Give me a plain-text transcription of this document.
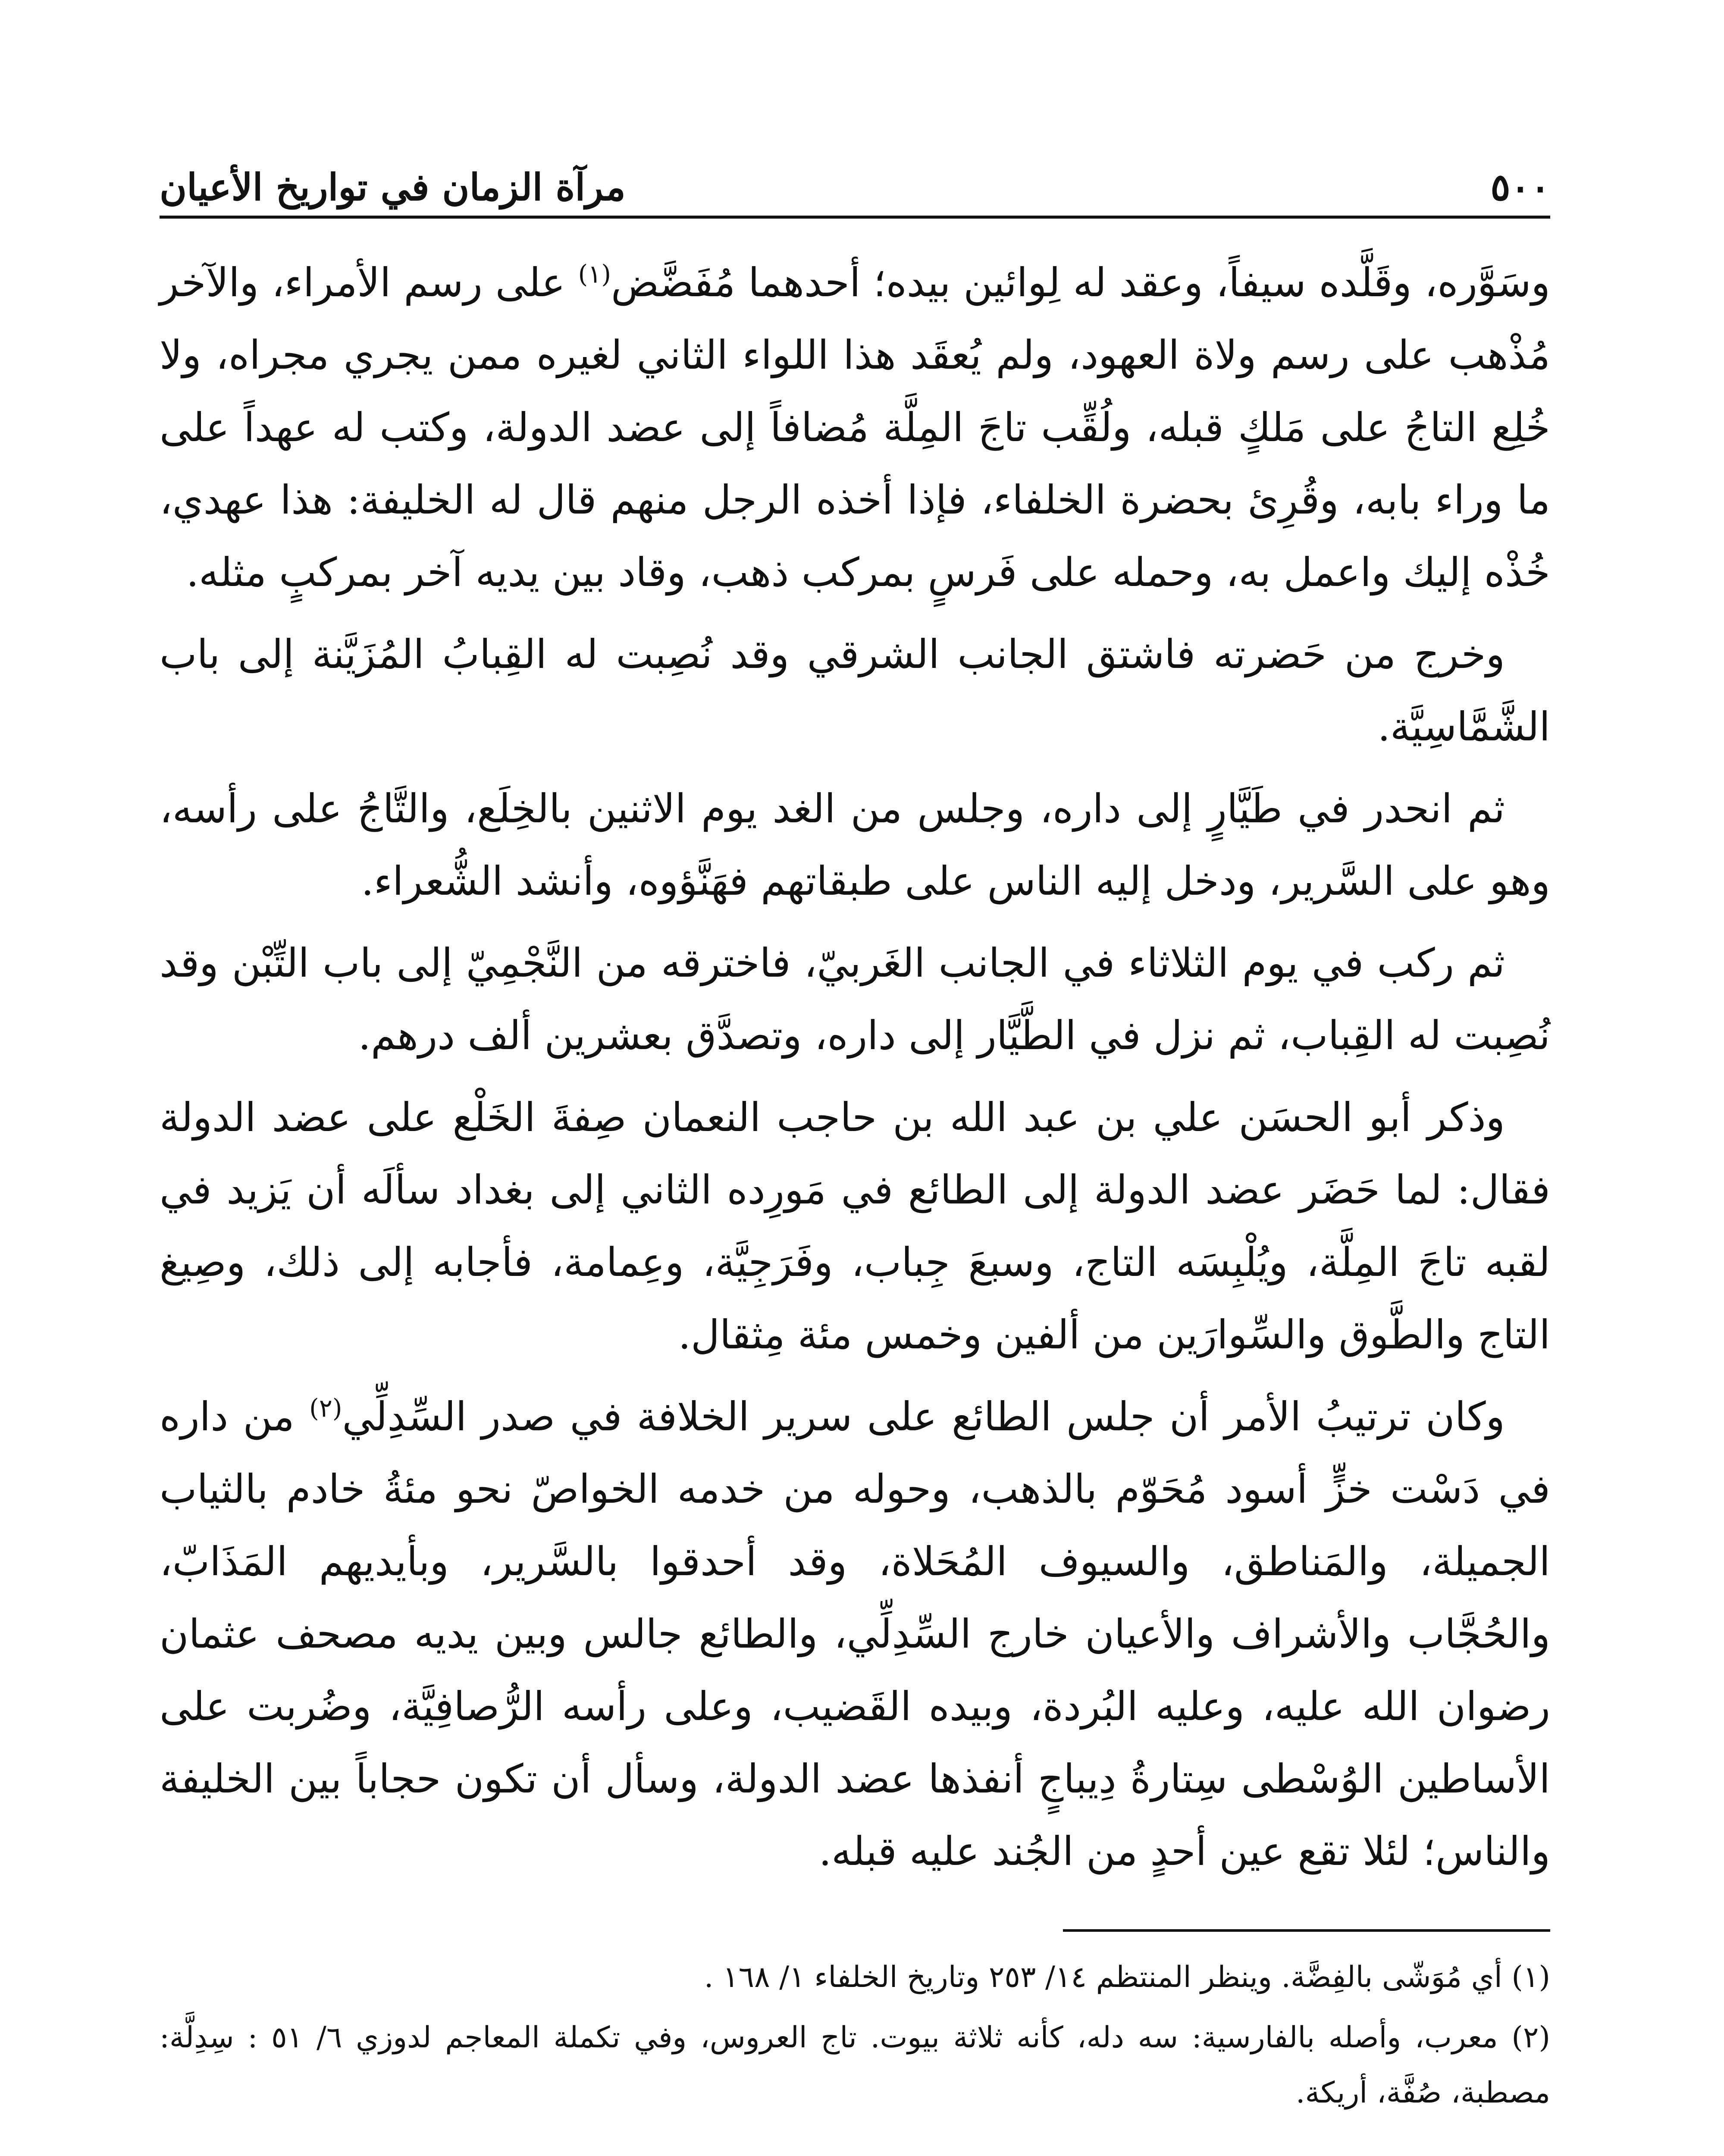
مرآة الزمان في تواريخ الأعيان	٥٠٠

وسَوَّره، وقَلَّده سيفاً، وعقد له لِوائين بيده؛ أحدهما مُفَضَّض$^{(١)}$ على رسم الأمراء، والآخر مُذْهب على رسم ولاة العهود، ولم يُعقَد هذا اللواء الثاني لغيره ممن يجري مجراه، ولا خُلِع التاجُ على مَلكٍ قبله، ولُقِّب تاجَ المِلَّة مُضافاً إلى عضد الدولة، وكتب له عهداً على ما وراء بابه، وقُرِئ بحضرة الخلفاء، فإذا أخذه الرجل منهم قال له الخليفة: هذا عهدي، خُذْه إليك واعمل به، وحمله على فَرسٍ بمركب ذهب، وقاد بين يديه آخر بمركبٍ مثله.

وخرج من حَضرته فاشتق الجانب الشرقي وقد نُصِبت له القِبابُ المُزَيَّنة إلى باب الشَّمَّاسِيَّة.

ثم انحدر في طَيَّارٍ إلى داره، وجلس من الغد يوم الاثنين بالخِلَع، والتَّاجُ على رأسه، وهو على السَّرير، ودخل إليه الناس على طبقاتهم فهَنَّؤوه، وأنشد الشُّعراء.

ثم ركب في يوم الثلاثاء في الجانب الغَربيّ، فاخترقه من النَّجْمِيّ إلى باب التِّبْن وقد نُصِبت له القِباب، ثم نزل في الطَّيَّار إلى داره، وتصدَّق بعشرين ألف درهم.

وذكر أبو الحسَن علي بن عبد الله بن حاجب النعمان صِفةَ الخَلْع على عضد الدولة فقال: لما حَضَر عضد الدولة إلى الطائع في مَورِده الثاني إلى بغداد سألَه أن يَزيد في لقبه تاجَ المِلَّة، ويُلْبِسَه التاج، وسبعَ جِباب، وفَرَجِيَّة، وعِمامة، فأجابه إلى ذلك، وصِيغ التاج والطَّوق والسِّوارَين من ألفين وخمس مئة مِثقال.

وكان ترتيبُ الأمر أن جلس الطائع على سرير الخلافة في صدر السِّدِلِّي$^{(٢)}$ من داره في دَسْت خزٍّ أسود مُحَوّم بالذهب، وحوله من خدمه الخواصّ نحو مئةُ خادم بالثياب الجميلة، والمَناطق، والسيوف المُحَلاة، وقد أحدقوا بالسَّرير، وبأيديهم المَذَابّ، والحُجَّاب والأشراف والأعيان خارج السِّدِلِّي، والطائع جالس وبين يديه مصحف عثمان رضوان الله عليه، وعليه البُردة، وبيده القَضيب، وعلى رأسه الرُّصافِيَّة، وضُربت على الأساطين الوُسْطى سِتارةُ دِيباجٍ أنفذها عضد الدولة، وسأل أن تكون حجاباً بين الخليفة والناس؛ لئلا تقع عين أحدٍ من الجُند عليه قبله.

(١) أي مُوَشّى بالفِضَّة. وينظر المنتظم ١٤/ ٢٥٣ وتاريخ الخلفاء ١/ ١٦٨ .

(٢) معرب، وأصله بالفارسية: سه دله، كأنه ثلاثة بيوت. تاج العروس، وفي تكملة المعاجم لدوزي ٦/ ٥١ : سِدِلَّة: مصطبة، صُفَّة، أريكة.
